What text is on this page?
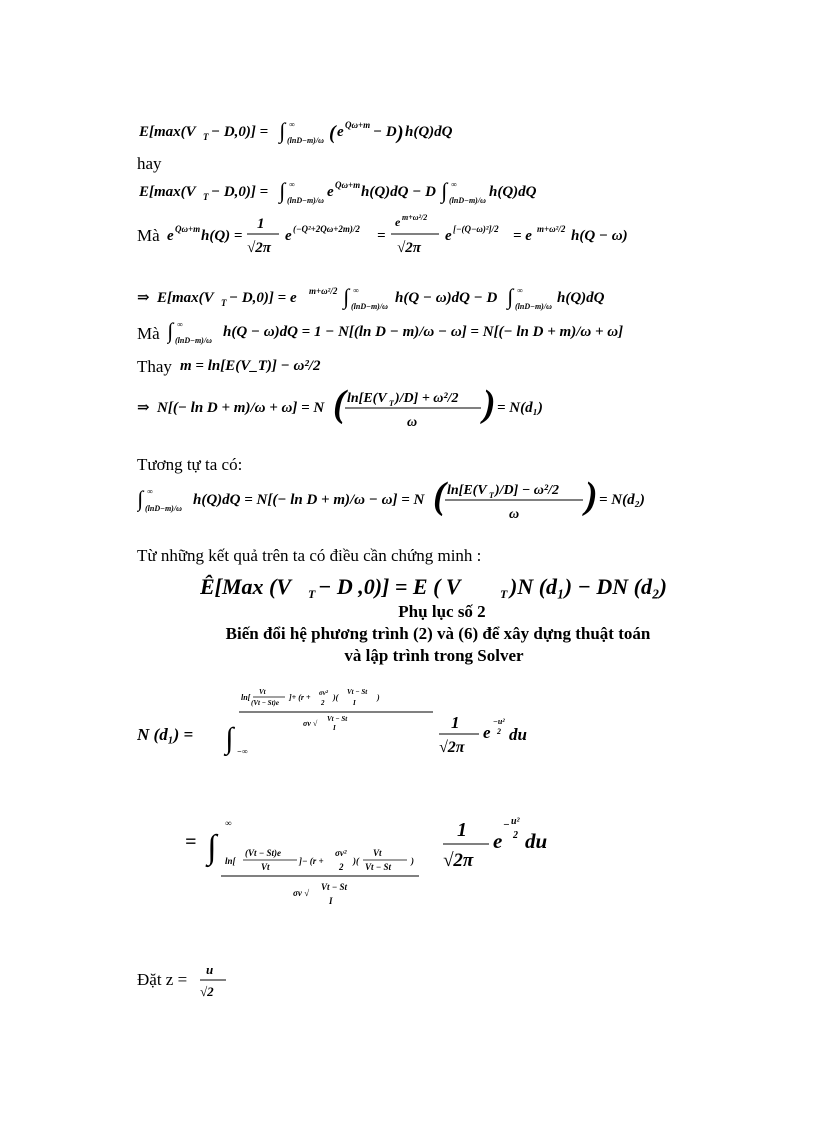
E[max(V T − D,0)] = ∫ ∞
(lnD−m)/ω ( e Qω+m − D ) h(Q)dQ
hay
E[max(V T − D,0)] = ∫ ∞
(lnD−m)/ω
e Qω+m h(Q)dQ − D ∫ ∞
(lnD−m)/ω
h(Q)dQ
Mà e Qω+m h(Q) =
1
√2π
e (−Q²+2Qω+2m)/2 =
e m+ω²/2
√2π
e [−(Q−ω)²]/2 = e m+ω²/2 h(Q − ω)
⇒ E[max(V T − D,0)] = e m+ω²/2 ∫ ∞
(lnD−m)/ω
h(Q − ω)dQ − D ∫ ∞
(lnD−m)/ω
h(Q)dQ
Mà ∫ ∞
(lnD−m)/ω
h(Q − ω)dQ = 1 − N[(ln D − m)/ω − ω] = N[(− ln D + m)/ω + ω]
Thay m = ln[E(V_T)] − ω²/2
⇒ N[(− ln D + m)/ω + ω] = N ( ln[E(V T )/D] + ω²/2
ω ) = N(d₁)
Tương tự ta có:
∫ ∞
(lnD−m)/ω
h(Q)dQ = N[(− ln D + m)/ω − ω] = N ( ln[E(V T )/D] − ω²/2
ω ) = N(d₂)
Từ những kết quả trên ta có điều cần chứng minh :
Ê[Max (V T − D ,0)] = E ( V	T )N (d₁) − DN (d₂)
Phụ lục số 2
Biến đổi hệ phương trình (2) và (6) để xây dựng thuật toán
và lập trình trong Solver
N (d₁) = ∫ −∞
ln[
Vt
(Vt − St)e
]+ (r + σv²
2
)(
Vt − St
I
)
σv √ Vt − St
I	1
√2π
e
−u²
2 du
= ∫
∞
ln[
(Vt − St)e
Vt
]− (r +
σv²
2
)(
Vt
Vt − St
)
σv √
Vt − St
I
1
√2π
e
− u²
2 du
Đặt z =
u
√2
